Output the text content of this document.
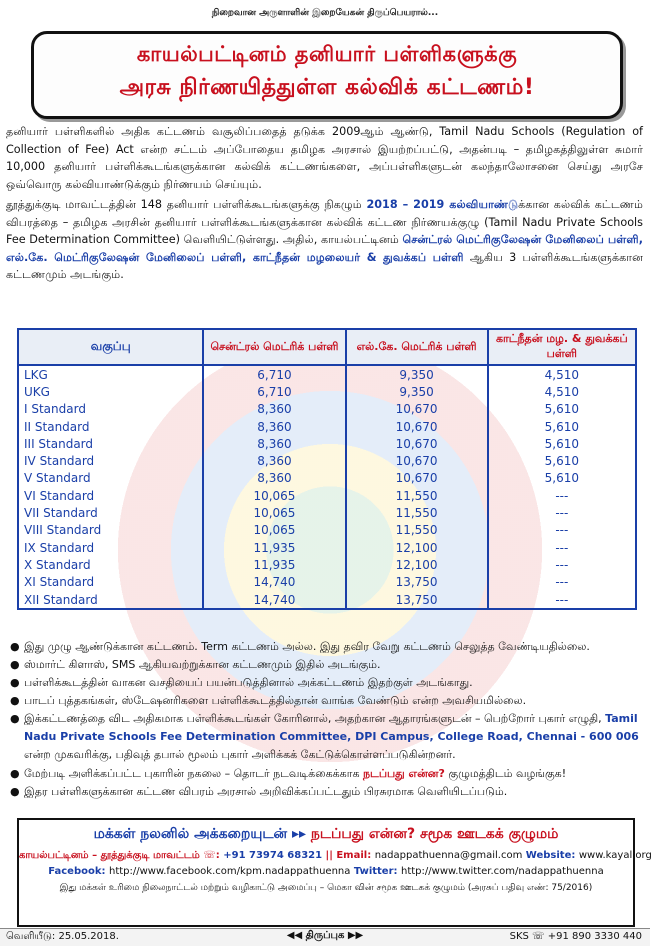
நிறைவான அருளாளின் இறையேகன் திருப்பெயரால்...
காயல்பட்டினம் தனியார் பள்ளிகளுக்கு
அரசு நிர்ணயித்துள்ள கல்விக் கட்டணம்!
தனியார் பள்ளிகளில் அதிக கட்டணம் வசூலிப்பதைத் தடுக்க 2009ஆம் ஆண்டு, Tamil Nadu Schools (Regulation of Collection of Fee) Act என்ற சட்டம் அப்போதைய தமிழக அரசால் இயற்றப்பட்டு, அதன்படி – தமிழகத்திலுள்ள சுமார் 10,000 தனியார் பள்ளிக்கூடங்களுக்கான கல்விக் கட்டணங்களை, அப்பள்ளிகளுடன் கலந்தாலோசனை செய்து அரசே ஒவ்வொரு கல்வியாண்டுக்கும் நிர்ணயம் செய்யும்.
தூத்துக்குடி மாவட்டத்தின் 148 தனியார் பள்ளிக்கூடங்களுக்கு நிகழும் 2018 – 2019 கல்வியாண்டுக்கான கல்விக் கட்டணம் விபரத்தை – தமிழக அரசின் தனியார் பள்ளிக்கூடங்களுக்கான கல்விக் கட்டண நிர்ணயக்குழு (Tamil Nadu Private Schools Fee Determination Committee) வெளியிட்டுள்ளது. அதில், காயல்பட்டினம் சென்ட்ரல் மெட்ரிகுலேஷன் மேனிலைப் பள்ளி, எல்.கே. மெட்ரிகுலேஷன் மேனிலைப் பள்ளி, காட்நீதன் மழலையர் & துவக்கப் பள்ளி ஆகிய 3 பள்ளிக்கூடங்களுக்கான கட்டணமும் அடங்கும்.
வகுப்பு	சென்ட்ரல் மெட்ரிக் பள்ளி	எல்.கே. மெட்ரிக் பள்ளி	காட்நீதன் மழ. & துவக்கப் பள்ளி
LKG	6,710	9,350	4,510
UKG	6,710	9,350	4,510
I Standard	8,360	10,670	5,610
II Standard	8,360	10,670	5,610
III Standard	8,360	10,670	5,610
IV Standard	8,360	10,670	5,610
V Standard	8,360	10,670	5,610
VI Standard	10,065	11,550	---
VII Standard	10,065	11,550	---
VIII Standard	10,065	11,550	---
IX Standard	11,935	12,100	---
X Standard	11,935	12,100	---
XI Standard	14,740	13,750	---
XII Standard	14,740	13,750	---
● இது முழு ஆண்டுக்கான கட்டணம். Term கட்டணம் அல்ல. இது தவிர வேறு கட்டணம் செலுத்த வேண்டியதில்லை.
● ஸ்மார்ட் கிளாஸ், SMS ஆகியவற்றுக்கான கட்டணமும் இதில் அடங்கும்.
● பள்ளிக்கூடத்தின் வாகன வசதியைப் பயன்படுத்தினால் அக்கட்டணம் இதற்குள் அடங்காது.
● பாடப் புத்தகங்கள், ஸ்டேஷனரிகளை பள்ளிக்கூடத்தில்தான் வாங்க வேண்டும் என்ற அவசியமில்லை.
● இக்கட்டணத்தை விட அதிகமாக பள்ளிக்கூடங்கள் கோரினால், அதற்கான ஆதாரங்களுடன் – பெற்றோர் புகார் எழுதி, Tamil Nadu Private Schools Fee Determination Committee, DPI Campus, College Road, Chennai - 600 006 என்ற முகவரிக்கு, பதிவுத் தபால் மூலம் புகார் அளிக்கக் கேட்டுக்கொள்ளப்படுகின்றனர்.
● மேற்படி அளிக்கப்பட்ட புகாரின் நகலை – தொடர் நடவடிக்கைக்காக நடப்பது என்ன? குழுமத்திடம் வழங்குக!
● இதர பள்ளிகளுக்கான கட்டண விபரம் அரசால் அறிவிக்கப்பட்டதும் பிரசுரமாக வெளியிடப்படும்.
மக்கள் நலனில் அக்கறையுடன் ▸▸ நடப்பது என்ன? சமூக ஊடகக் குழுமம்
காயல்பட்டினம் – தூத்துக்குடி மாவட்டம் ☏: +91 73974 68321 || Email: nadappathuenna@gmail.com Website: www.kayal.org
Facebook: http://www.facebook.com/kpm.nadappathuenna Twitter: http://www.twitter.com/nadappathuenna
இது மக்கள் உரிமை நிலைநாட்டல் மற்றும் வழிகாட்டு அமைப்பு – மெகா வின் சமூக ஊடகக் குழுமம் (அரசுப் பதிவு எண்: 75/2016)
வெளியீடு: 25.05.2018.	◀◀ திருப்புக ▶▶	SKS ☏ +91 890 3330 440
